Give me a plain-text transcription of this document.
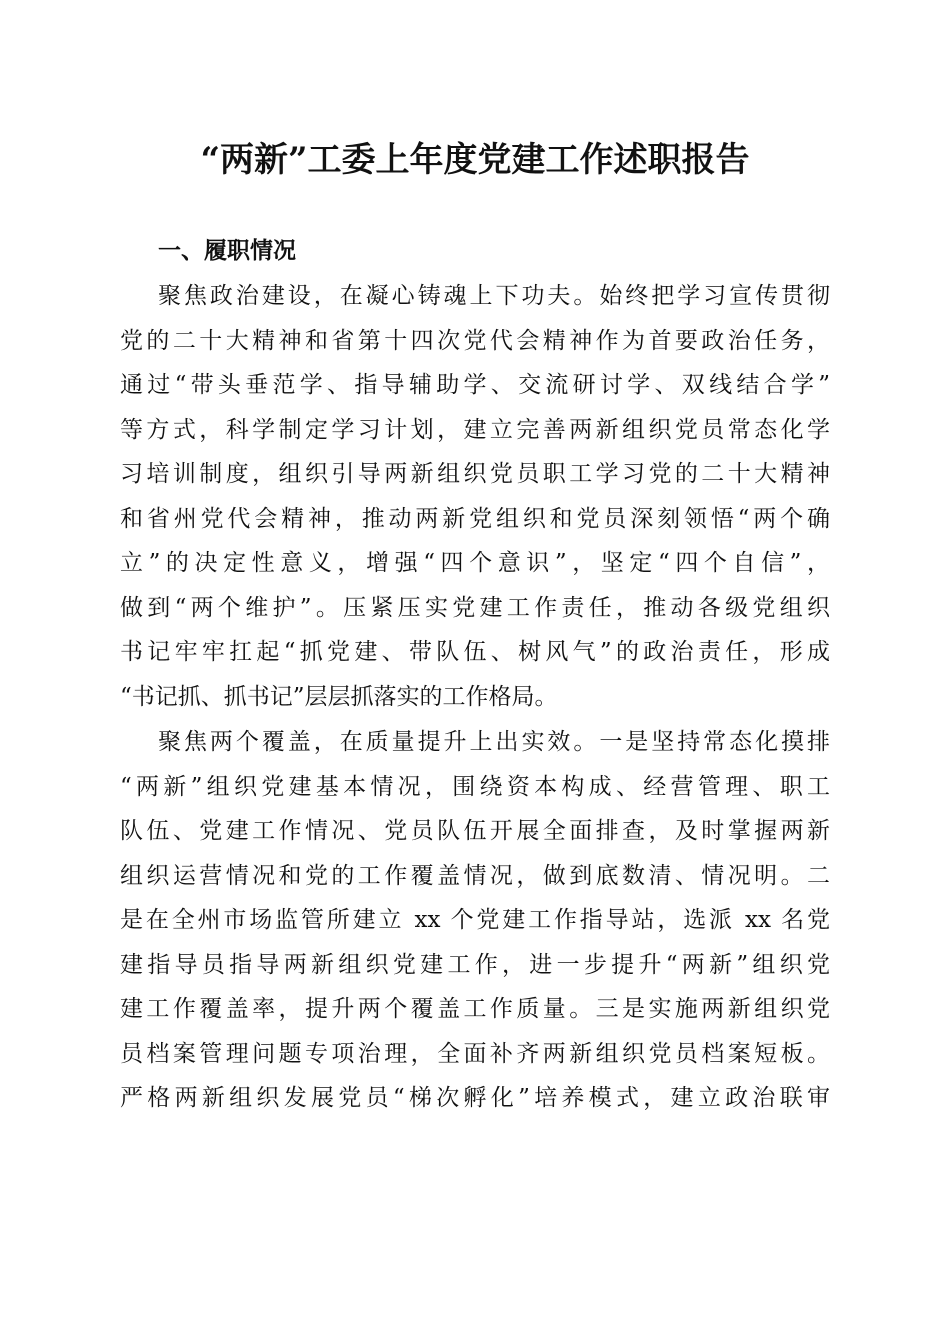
“两新”工委上年度党建工作述职报告
一、履职情况
聚焦政治建设，在凝心铸魂上下功夫。始终把学习宣传贯彻
党的二十大精神和省第十四次党代会精神作为首要政治任务，
通过“带头垂范学、指导辅助学、交流研讨学、双线结合学”
等方式，科学制定学习计划，建立完善两新组织党员常态化学
习培训制度，组织引导两新组织党员职工学习党的二十大精神
和省州党代会精神，推动两新党组织和党员深刻领悟“两个确
立”的决定性意义，增强“四个意识”，坚定“四个自信”，
做到“两个维护”。压紧压实党建工作责任，推动各级党组织
书记牢牢扛起“抓党建、带队伍、树风气”的政治责任，形成
“书记抓、抓书记”层层抓落实的工作格局。
聚焦两个覆盖，在质量提升上出实效。一是坚持常态化摸排
“两新”组织党建基本情况，围绕资本构成、经营管理、职工
队伍、党建工作情况、党员队伍开展全面排查，及时掌握两新
组织运营情况和党的工作覆盖情况，做到底数清、情况明。二
是在全州市场监管所建立 xx 个党建工作指导站，选派 xx 名党
建指导员指导两新组织党建工作，进一步提升“两新”组织党
建工作覆盖率，提升两个覆盖工作质量。三是实施两新组织党
员档案管理问题专项治理，全面补齐两新组织党员档案短板。
严格两新组织发展党员“梯次孵化”培养模式，建立政治联审
